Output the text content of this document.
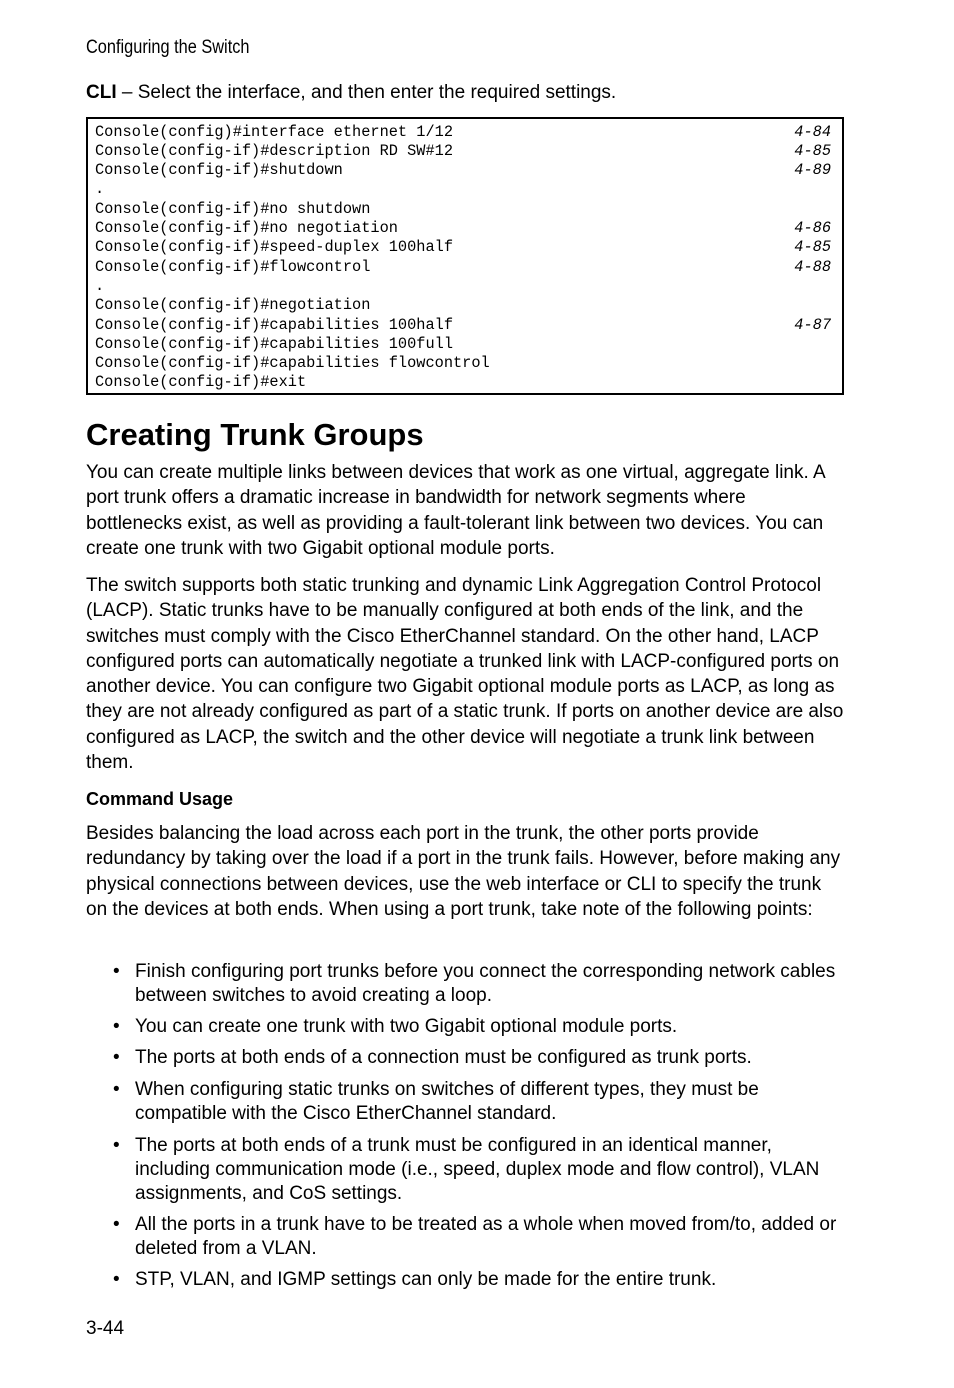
Configuring the Switch
CLI – Select the interface, and then enter the required settings.
Console(config)#interface ethernet 1/12	4-84
Console(config-if)#description RD SW#12	4-85
Console(config-if)#shutdown	4-89
.
Console(config-if)#no shutdown
Console(config-if)#no negotiation	4-86
Console(config-if)#speed-duplex 100half	4-85
Console(config-if)#flowcontrol	4-88
.
Console(config-if)#negotiation
Console(config-if)#capabilities 100half	4-87
Console(config-if)#capabilities 100full
Console(config-if)#capabilities flowcontrol
Console(config-if)#exit
Creating Trunk Groups

You can create multiple links between devices that work as one virtual, aggregate link. A port trunk offers a dramatic increase in bandwidth for network segments where bottlenecks exist, as well as providing a fault-tolerant link between two devices. You can create one trunk with two Gigabit optional module ports.

The switch supports both static trunking and dynamic Link Aggregation Control Protocol (LACP). Static trunks have to be manually configured at both ends of the link, and the switches must comply with the Cisco EtherChannel standard. On the other hand, LACP configured ports can automatically negotiate a trunked link with LACP-configured ports on another device. You can configure two Gigabit optional module ports as LACP, as long as they are not already configured as part of a static trunk. If ports on another device are also configured as LACP, the switch and the other device will negotiate a trunk link between them.

Command Usage

Besides balancing the load across each port in the trunk, the other ports provide redundancy by taking over the load if a port in the trunk fails. However, before making any physical connections between devices, use the web interface or CLI to specify the trunk on the devices at both ends. When using a port trunk, take note of the following points:

• Finish configuring port trunks before you connect the corresponding network cables between switches to avoid creating a loop.
• You can create one trunk with two Gigabit optional module ports.
• The ports at both ends of a connection must be configured as trunk ports.
• When configuring static trunks on switches of different types, they must be compatible with the Cisco EtherChannel standard.
• The ports at both ends of a trunk must be configured in an identical manner, including communication mode (i.e., speed, duplex mode and flow control), VLAN assignments, and CoS settings.
• All the ports in a trunk have to be treated as a whole when moved from/to, added or deleted from a VLAN.
• STP, VLAN, and IGMP settings can only be made for the entire trunk.
3-44
